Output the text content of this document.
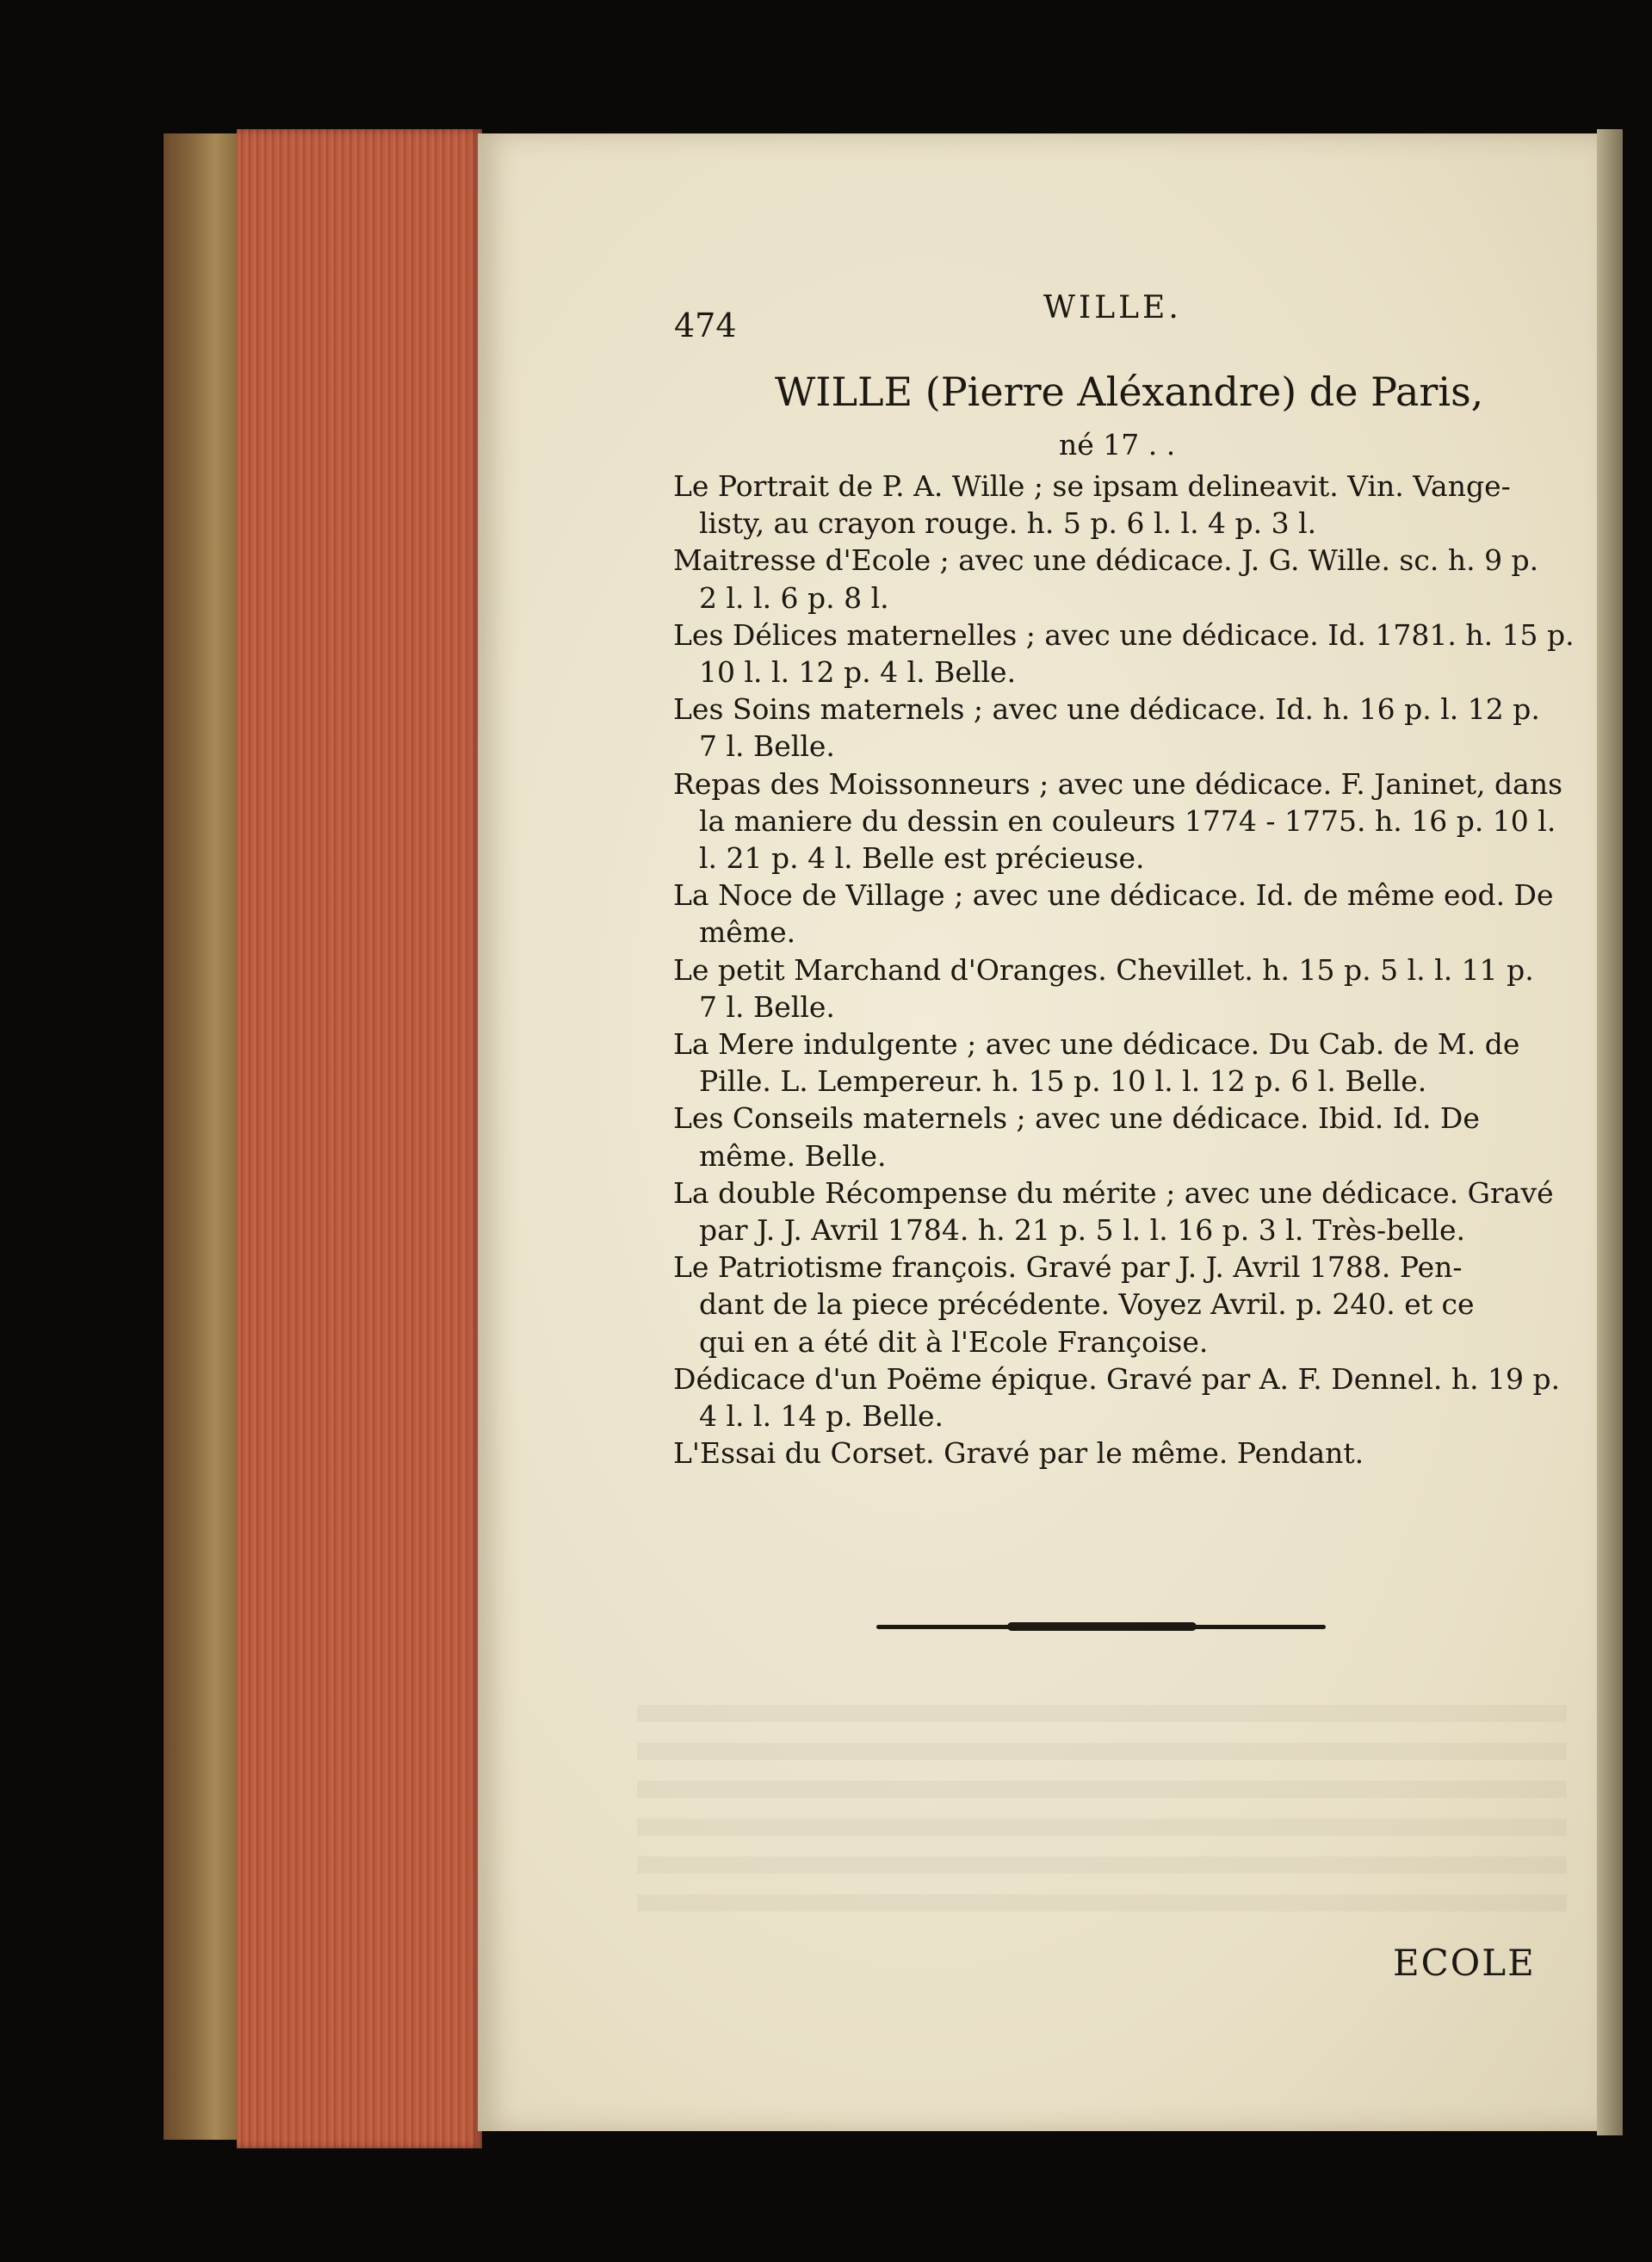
474	WILLE.
WILLE (Pierre Aléxandre) de Paris,
né 17 . .
Le Portrait de P. A. Wille ; se ipsam delineavit. Vin. Vange-
listy, au crayon rouge. h. 5 p. 6 l. l. 4 p. 3 l.
Maitresse d'Ecole ; avec une dédicace. J. G. Wille. sc. h. 9 p.
2 l. l. 6 p. 8 l.
Les Délices maternelles ; avec une dédicace. Id. 1781. h. 15 p.
10 l. l. 12 p. 4 l. Belle.
Les Soins maternels ; avec une dédicace. Id. h. 16 p. l. 12 p.
7 l. Belle.
Repas des Moissonneurs ; avec une dédicace. F. Janinet, dans
la maniere du dessin en couleurs 1774 - 1775. h. 16 p. 10 l.
l. 21 p. 4 l. Belle est précieuse.
La Noce de Village ; avec une dédicace. Id. de même eod. De
même.
Le petit Marchand d'Oranges. Chevillet. h. 15 p. 5 l. l. 11 p.
7 l. Belle.
La Mere indulgente ; avec une dédicace. Du Cab. de M. de
Pille. L. Lempereur. h. 15 p. 10 l. l. 12 p. 6 l. Belle.
Les Conseils maternels ; avec une dédicace. Ibid. Id. De
même. Belle.
La double Récompense du mérite ; avec une dédicace. Gravé
par J. J. Avril 1784. h. 21 p. 5 l. l. 16 p. 3 l. Très-belle.
Le Patriotisme françois. Gravé par J. J. Avril 1788. Pen-
dant de la piece précédente. Voyez Avril. p. 240. et ce
qui en a été dit à l'Ecole Françoise.
Dédicace d'un Poëme épique. Gravé par A. F. Dennel. h. 19 p.
4 l. l. 14 p. Belle.
L'Essai du Corset. Gravé par le même. Pendant.
ECOLE
